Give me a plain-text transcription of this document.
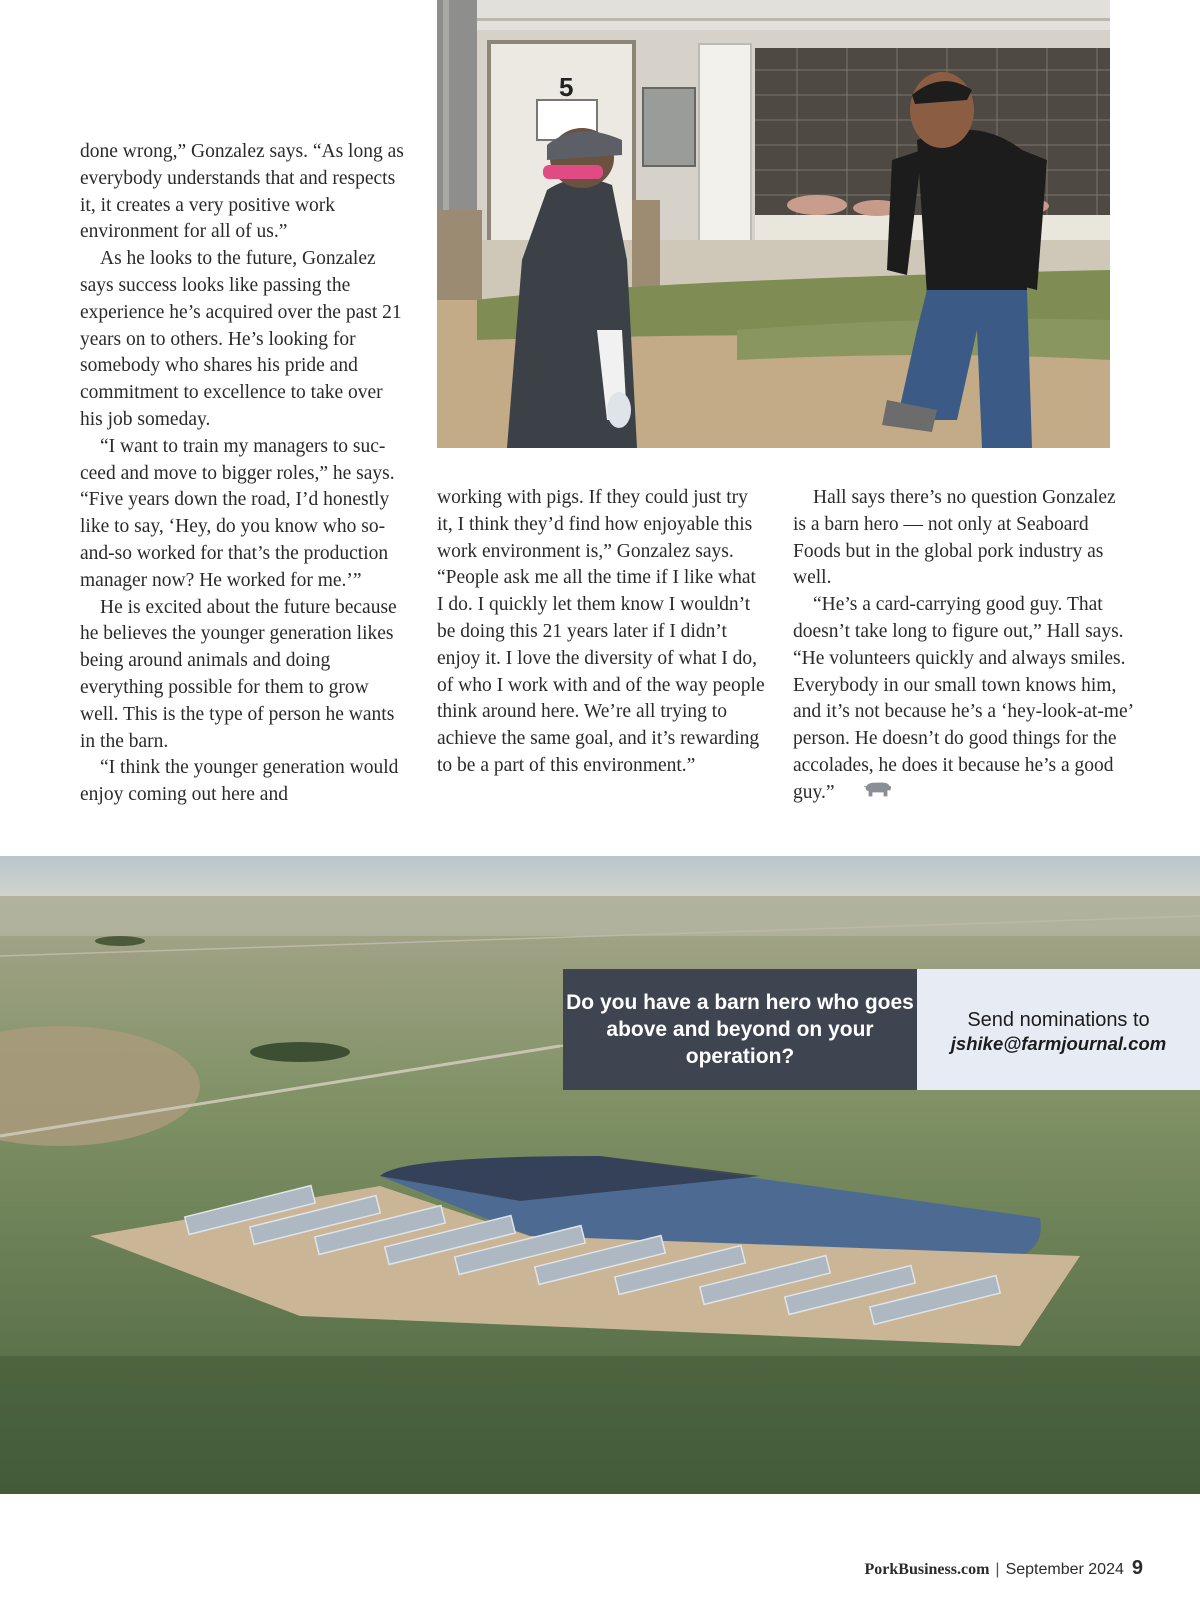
done wrong,” Gonzalez says. “As long as everybody understands that and respects it, it creates a very positive work environment for all of us.”

As he looks to the future, Gonzalez says success looks like passing the experience he’s acquired over the past 21 years on to others. He’s looking for somebody who shares his pride and commitment to excellence to take over his job someday.

“I want to train my managers to succeed and move to bigger roles,” he says. “Five years down the road, I’d honestly like to say, ‘Hey, do you know who so-and-so worked for that’s the production manager now? He worked for me.’”

He is excited about the future because he believes the younger generation likes being around animals and doing everything possible for them to grow well. This is the type of person he wants in the barn.

“I think the younger generation would enjoy coming out here and

5

working with pigs. If they could just try it, I think they’d find how enjoyable this work environment is,” Gonzalez says. “People ask me all the time if I like what I do. I quickly let them know I wouldn’t be doing this 21 years later if I didn’t enjoy it. I love the diversity of what I do, of who I work with and of the way people think around here. We’re all trying to achieve the same goal, and it’s rewarding to be a part of this environment.”

Hall says there’s no question Gonzalez is a barn hero — not only at Seaboard Foods but in the global pork industry as well.

“He’s a card-carrying good guy. That doesn’t take long to figure out,” Hall says. “He volunteers quickly and always smiles. Everybody in our small town knows him, and it’s not because he’s a ‘hey-look-at-me’ person. He doesn’t do good things for the accolades, he does it because he’s a good guy.”

Do you have a barn hero who goes above and beyond on your operation?
Send nominations to
jshike@farmjournal.com
PorkBusiness.com | September 2024 9
